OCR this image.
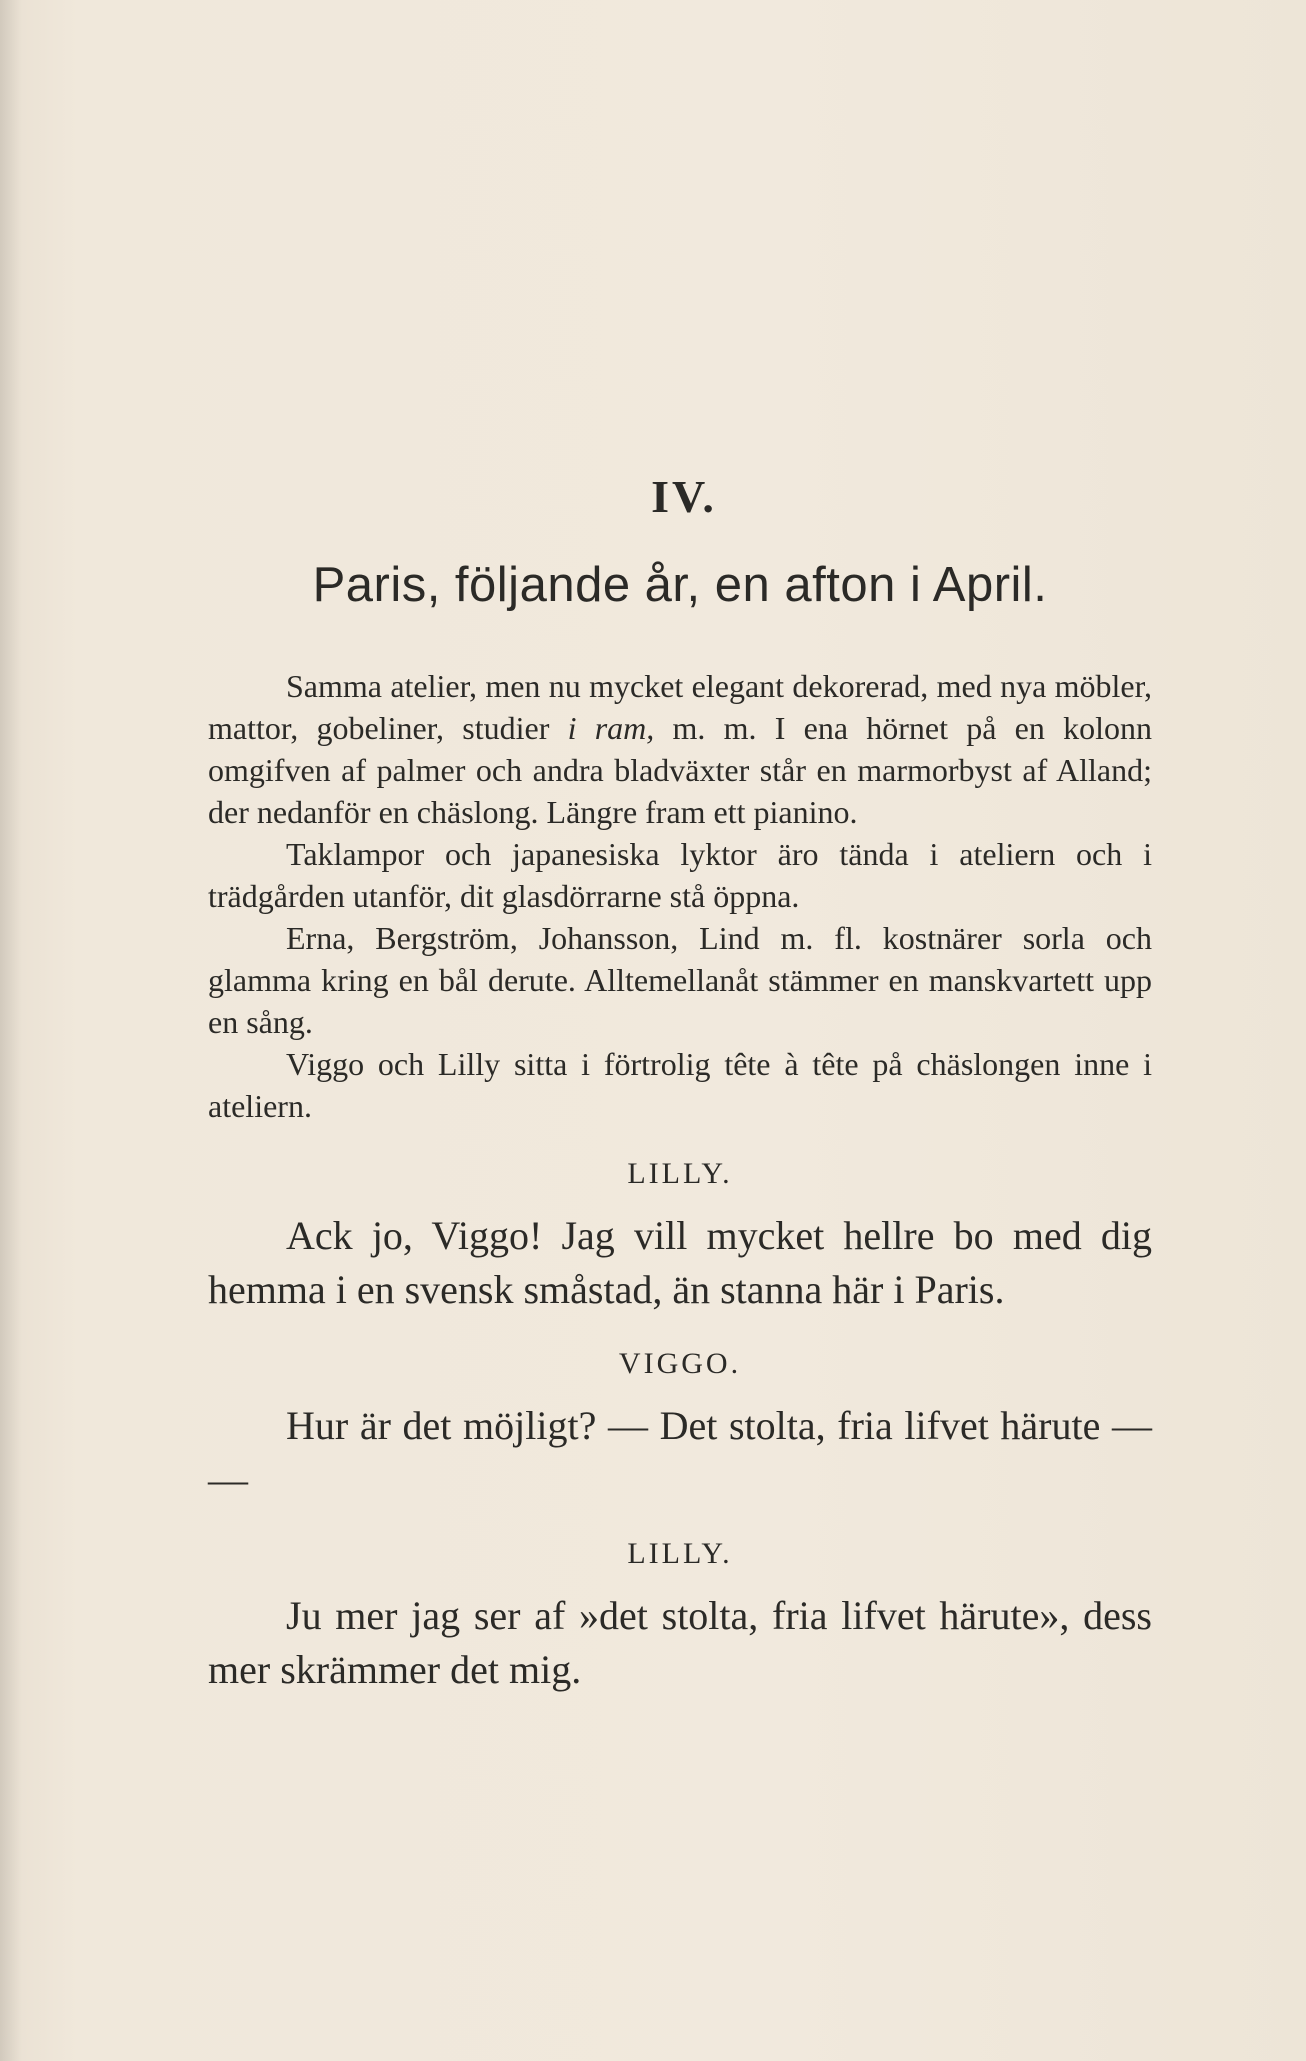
IV.
Paris, följande år, en afton i April.

Samma atelier, men nu mycket elegant dekorerad, med nya möbler, mattor, gobeliner, studier i ram, m. m. I ena hörnet på en kolonn omgifven af palmer och andra bladväxter står en marmorbyst af Alland; der nedanför en chäslong. Längre fram ett pianino.

Taklampor och japanesiska lyktor äro tända i ateliern och i trädgården utanför, dit glasdörrarne stå öppna.

Erna, Bergström, Johansson, Lind m. fl. kostnärer sorla och glamma kring en bål derute. Alltemellanåt stämmer en manskvartett upp en sång.

Viggo och Lilly sitta i förtrolig tête à tête på chäslongen inne i ateliern.

LILLY.

Ack jo, Viggo! Jag vill mycket hellre bo med dig hemma i en svensk småstad, än stanna här i Paris.

VIGGO.

Hur är det möjligt? — Det stolta, fria lifvet härute — —

LILLY.

Ju mer jag ser af »det stolta, fria lifvet härute», dess mer skrämmer det mig.
